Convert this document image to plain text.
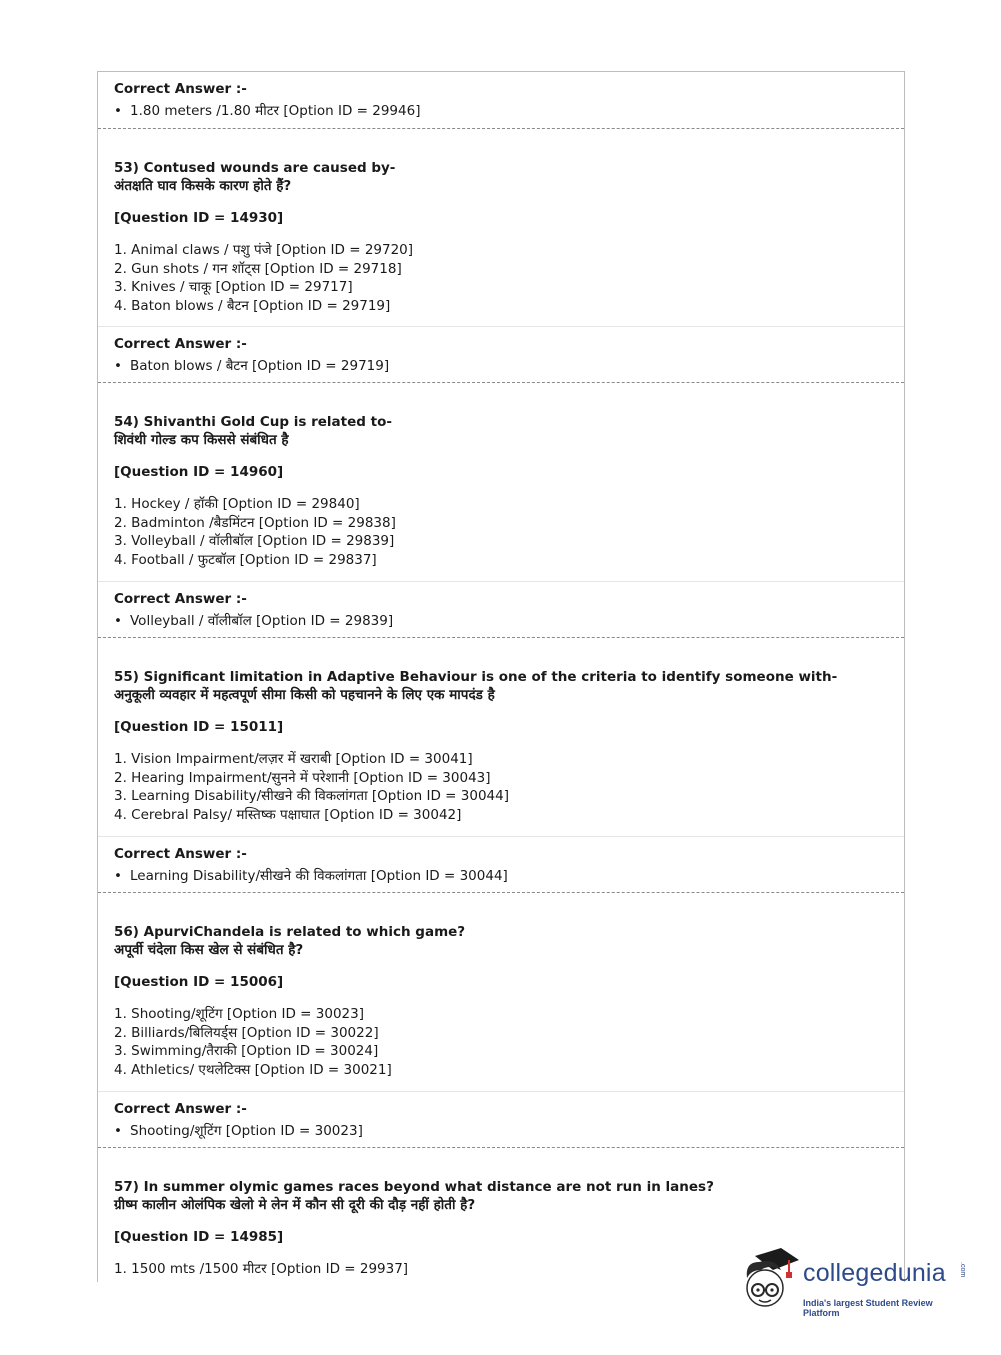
Correct Answer :-
• 1.80 meters /1.80 मीटर [Option ID = 29946]
53) Contused wounds are caused by-
अंतक्षति घाव किसके कारण होते हैं?
[Question ID = 14930]
1. Animal claws / पशु पंजे [Option ID = 29720]
2. Gun shots / गन शॉट्स [Option ID = 29718]
3. Knives / चाकू [Option ID = 29717]
4. Baton blows / बैटन [Option ID = 29719]
Correct Answer :-
• Baton blows / बैटन [Option ID = 29719]
54) Shivanthi Gold Cup is related to-
शिवंथी गोल्ड कप किससे संबंधित है
[Question ID = 14960]
1. Hockey / हॉकी [Option ID = 29840]
2. Badminton /बैडमिंटन [Option ID = 29838]
3. Volleyball / वॉलीबॉल [Option ID = 29839]
4. Football / फुटबॉल [Option ID = 29837]
Correct Answer :-
• Volleyball / वॉलीबॉल [Option ID = 29839]
55) Significant limitation in Adaptive Behaviour is one of the criteria to identify someone with-
अनुकूली व्यवहार में महत्वपूर्ण सीमा किसी को पहचानने के लिए एक मापदंड है
[Question ID = 15011]
1. Vision Impairment/लज़र में खराबी [Option ID = 30041]
2. Hearing Impairment/सुनने में परेशानी [Option ID = 30043]
3. Learning Disability/सीखने की विकलांगता [Option ID = 30044]
4. Cerebral Palsy/ मस्तिष्क पक्षाघात [Option ID = 30042]
Correct Answer :-
• Learning Disability/सीखने की विकलांगता [Option ID = 30044]
56) ApurviChandela is related to which game?
अपूर्वी चंदेला किस खेल से संबंधित है?
[Question ID = 15006]
1. Shooting/शूटिंग [Option ID = 30023]
2. Billiards/बिलियर्ड्स [Option ID = 30022]
3. Swimming/तैराकी [Option ID = 30024]
4. Athletics/ एथलेटिक्स [Option ID = 30021]
Correct Answer :-
• Shooting/शूटिंग [Option ID = 30023]
57) In summer olymic games races beyond what distance are not run in lanes?
ग्रीष्म कालीन ओलंपिक खेलो मे लेन में कौन सी दूरी की दौड़ नहीं होती है?
[Question ID = 14985]
1. 1500 mts /1500 मीटर [Option ID = 29937]	collegedunia .com
India's largest Student Review Platform
